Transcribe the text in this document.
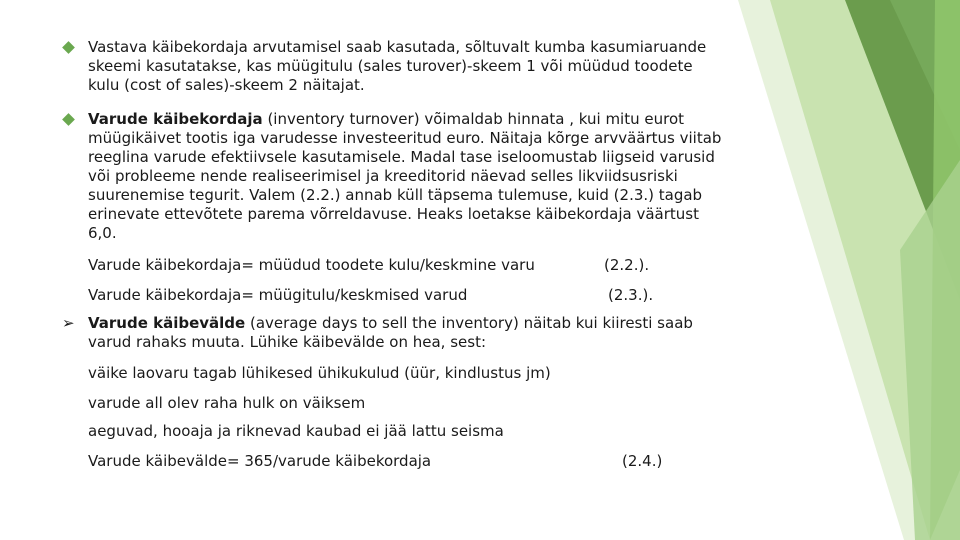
Vastava käibekordaja arvutamisel saab kasutada, sõltuvalt kumba kasumiaruande skeemi kasutatakse, kas müügitulu (sales turover)-skeem 1 või müüdud toodete kulu (cost of sales)-skeem 2 näitajat.
Varude käibekordaja (inventory turnover) võimaldab hinnata , kui mitu eurot müügikäivet tootis iga varudesse investeeritud euro. Näitaja kõrge arvväärtus viitab reeglina varude efektiivsele kasutamisele. Madal tase iseloomustab liigseid varusid või probleeme nende realiseerimisel ja kreeditorid näevad selles likviidsusriski suurenemise tegurit. Valem (2.2.) annab küll täpsema tulemuse, kuid (2.3.) tagab erinevate ettevõtete parema võrreldavuse. Heaks loetakse käibekordaja väärtust 6,0.
Varude käibekordaja= müüdud toodete kulu/keskmine varu	(2.2.).
Varude käibekordaja= müügitulu/keskmised varud	(2.3.).
➢ Varude käibevälde (average days to sell the inventory) näitab kui kiiresti saab varud rahaks muuta. Lühike käibevälde on hea, sest:
väike laovaru tagab lühikesed ühikukulud (üür, kindlustus jm)
varude all olev raha hulk on väiksem
aeguvad, hooaja ja riknevad kaubad ei jää lattu seisma
Varude käibevälde= 365/varude käibekordaja	(2.4.)
